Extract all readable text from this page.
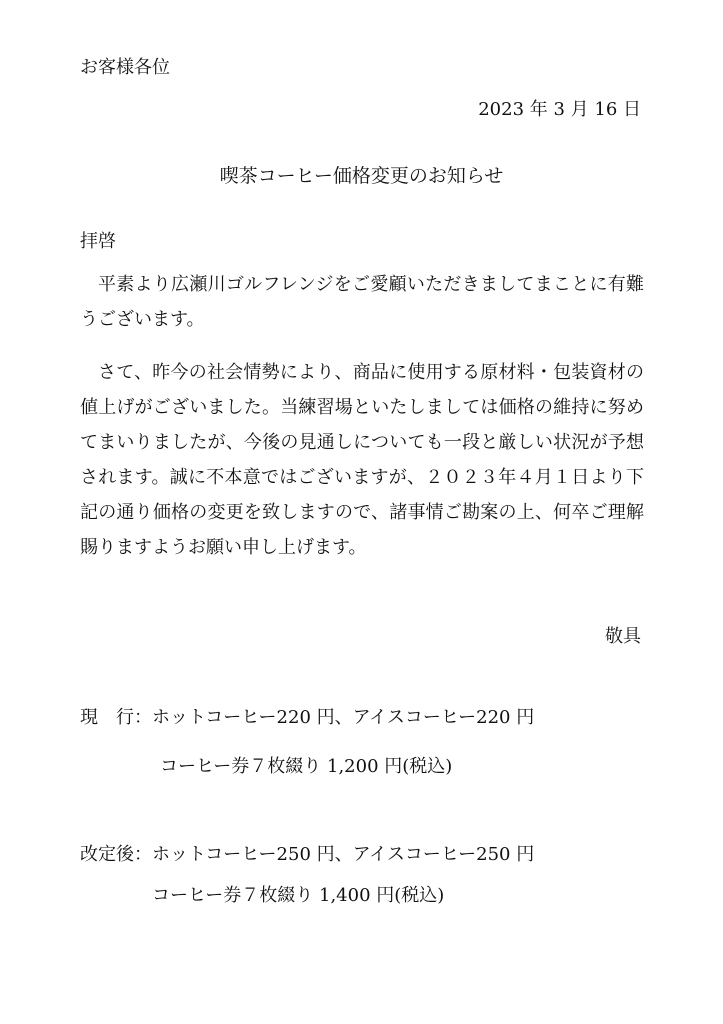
お客様各位
2023 年 3 月 16 日
喫茶コーヒー価格変更のお知らせ
拝啓
平素より広瀬川ゴルフレンジをご愛顧いただきましてまことに有難うございます。
さて、昨今の社会情勢により、商品に使用する原材料・包装資材の値上げがございました。当練習場といたしましては価格の維持に努めてまいりましたが、今後の見通しについても一段と厳しい状況が予想されます。誠に不本意ではございますが、２０２３年４月１日より下記の通り価格の変更を致しますので、諸事情ご勘案の上、何卒ご理解賜りますようお願い申し上げます。
敬具
現　行：ホットコーヒー220 円、アイスコーヒー220 円
コーヒー券７枚綴り 1,200 円(税込)
改定後：ホットコーヒー250 円、アイスコーヒー250 円
コーヒー券７枚綴り 1,400 円(税込)
